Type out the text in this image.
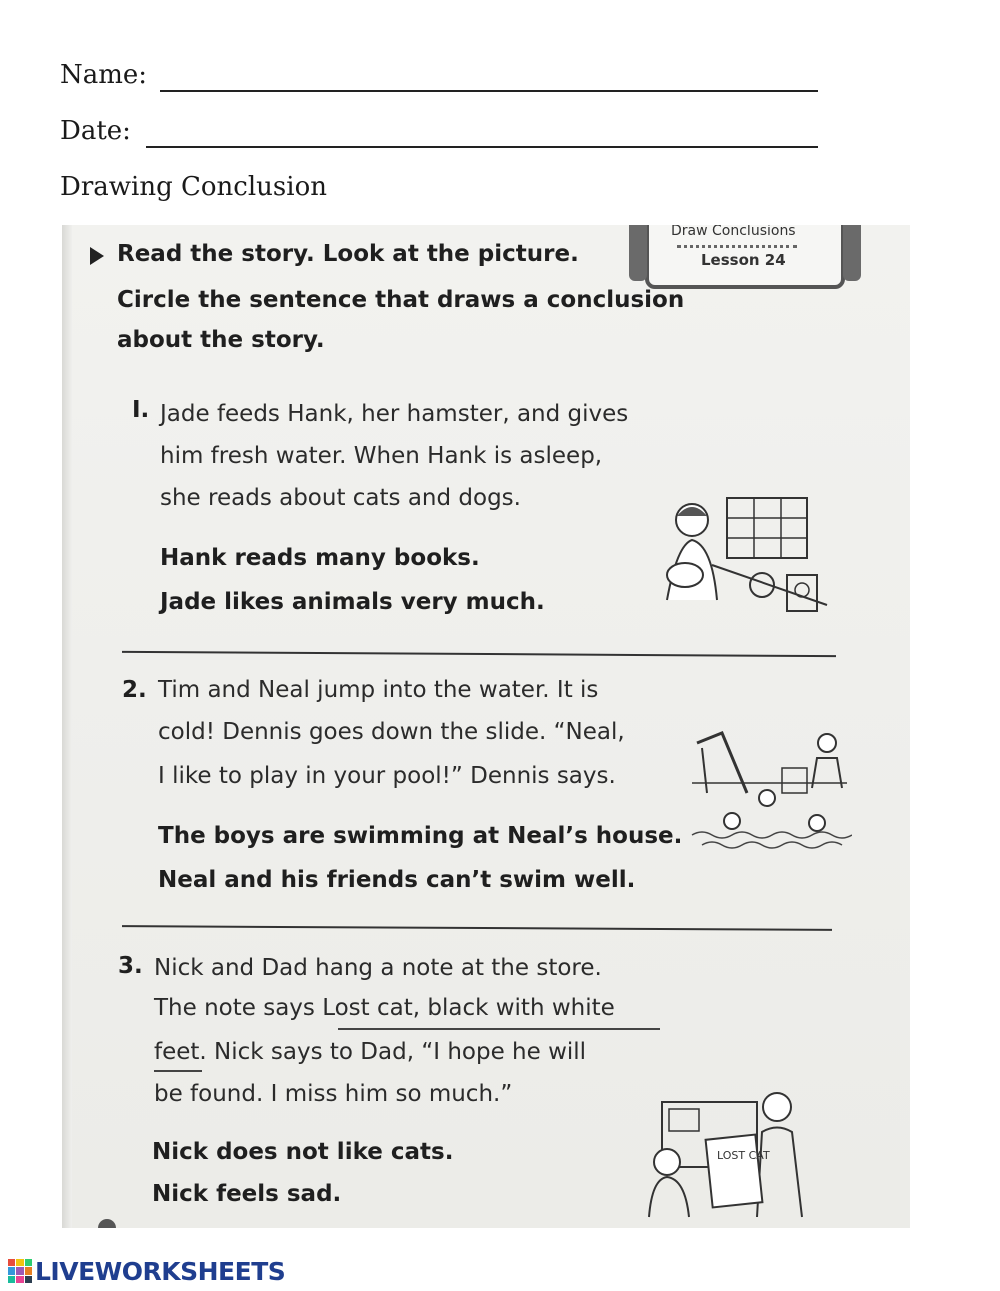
Name:
Date:
Drawing Conclusion
Draw Conclusions
Lesson 24
Read the story. Look at the picture.
Circle the sentence that draws a conclusion
about the story.
I. Jade feeds Hank, her hamster, and gives
him fresh water. When Hank is asleep,
she reads about cats and dogs.
Hank reads many books.
Jade likes animals very much.
2. Tim and Neal jump into the water. It is
cold! Dennis goes down the slide. “Neal,
I like to play in your pool!” Dennis says.
The boys are swimming at Neal’s house.
Neal and his friends can’t swim well.
3. Nick and Dad hang a note at the store.
The note says Lost cat, black with white
feet. Nick says to Dad, “I hope he will
be found. I miss him so much.”
Nick does not like cats.
Nick feels sad.
LOST CAT
LIVEWORKSHEETS
